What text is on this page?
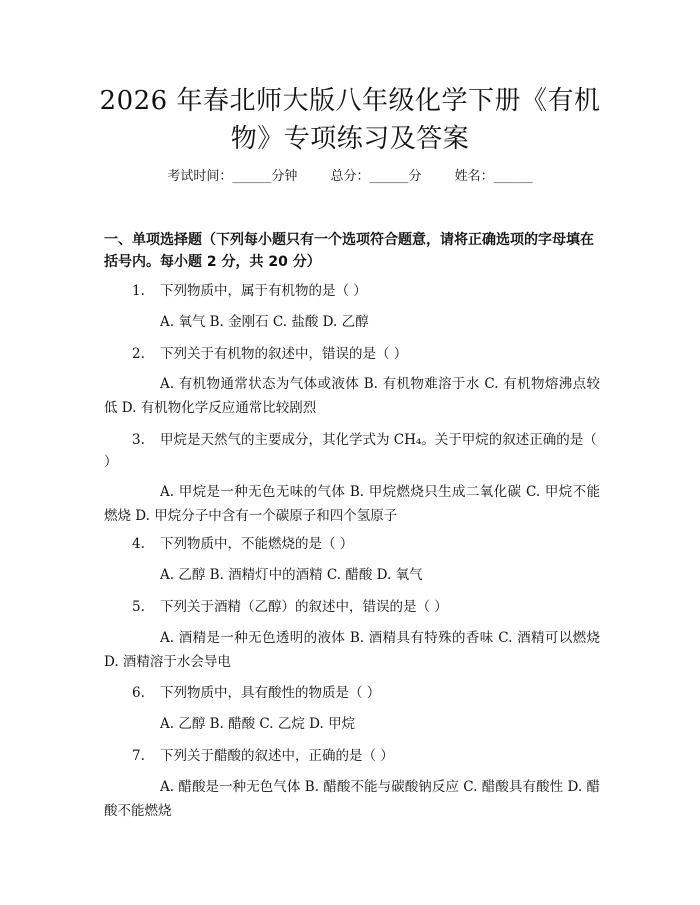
2026 年春北师大版八年级化学下册《有机物》专项练习及答案
考试时间：______分钟	总分：______分	姓名：______
一、单项选择题（下列每小题只有一个选项符合题意，请将正确选项的字母填在括号内。每小题 2 分，共 20 分）
1. 下列物质中，属于有机物的是（ ）
A. 氧气 B. 金刚石 C. 盐酸 D. 乙醇
2. 下列关于有机物的叙述中，错误的是（ ）
A. 有机物通常状态为气体或液体 B. 有机物难溶于水 C. 有机物熔沸点较低 D. 有机物化学反应通常比较剧烈
3. 甲烷是天然气的主要成分，其化学式为 CH₄。关于甲烷的叙述正确的是（ ）
A. 甲烷是一种无色无味的气体 B. 甲烷燃烧只生成二氧化碳 C. 甲烷不能燃烧 D. 甲烷分子中含有一个碳原子和四个氢原子
4. 下列物质中，不能燃烧的是（ ）
A. 乙醇 B. 酒精灯中的酒精 C. 醋酸 D. 氧气
5. 下列关于酒精（乙醇）的叙述中，错误的是（ ）
A. 酒精是一种无色透明的液体 B. 酒精具有特殊的香味 C. 酒精可以燃烧 D. 酒精溶于水会导电
6. 下列物质中，具有酸性的物质是（ ）
A. 乙醇 B. 醋酸 C. 乙烷 D. 甲烷
7. 下列关于醋酸的叙述中，正确的是（ ）
A. 醋酸是一种无色气体 B. 醋酸不能与碳酸钠反应 C. 醋酸具有酸性 D. 醋酸不能燃烧
